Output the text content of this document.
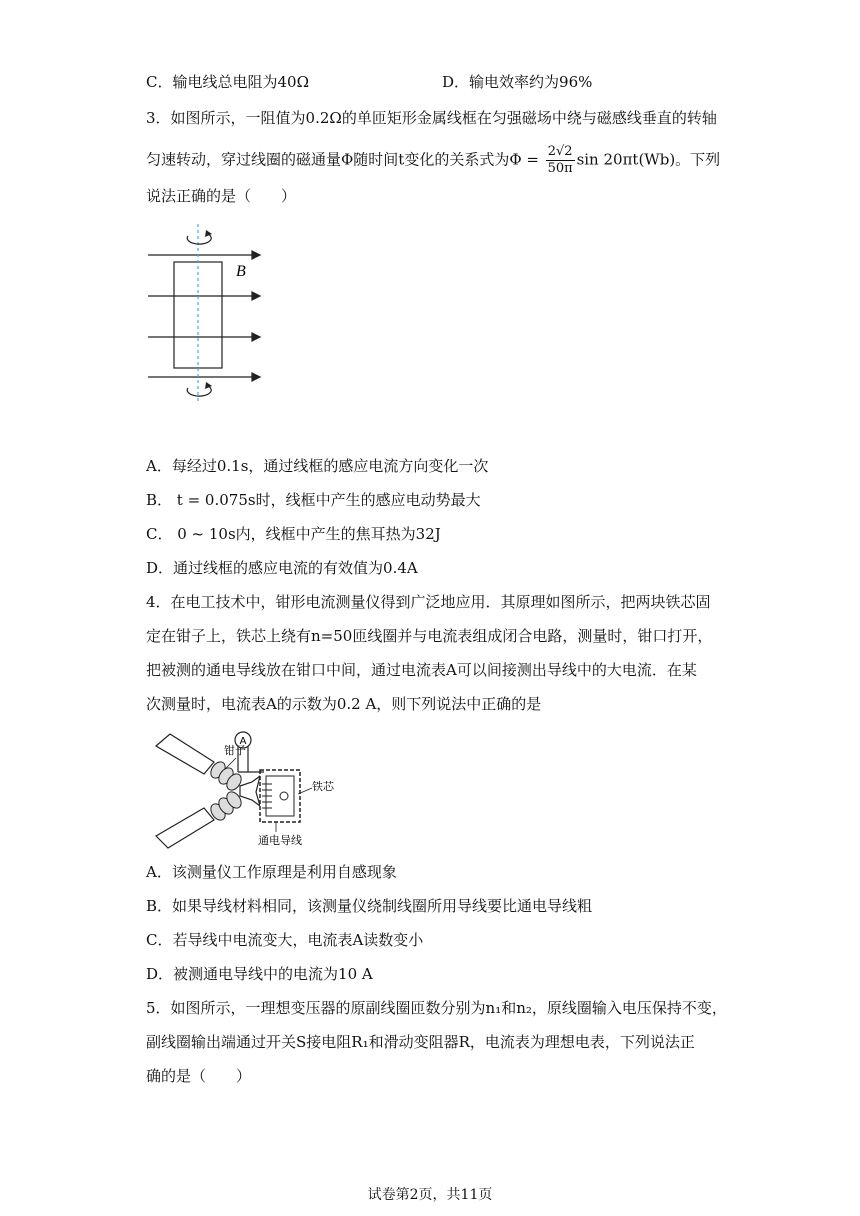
C．输电线总电阻为40Ω	D．输电效率约为96%
3．如图所示，一阻值为0.2Ω的单匝矩形金属线框在匀强磁场中绕与磁感线垂直的转轴
匀速转动，穿过线圈的磁通量Φ随时间t变化的关系式为$\Phi = \frac{2√2}{50\pi}$ sin 20πt(Wb)。下列
说法正确的是（　　）
B
A．每经过0.1s，通过线框的感应电流方向变化一次
B． t = 0.075s时，线框中产生的感应电动势最大
C． 0 ~ 10s内，线框中产生的焦耳热为32J
D．通过线框的感应电流的有效值为0.4A
4．在电工技术中，钳形电流测量仪得到广泛地应用．其原理如图所示，把两块铁芯固
定在钳子上，铁芯上绕有n=50匝线圈并与电流表组成闭合电路，测量时，钳口打开，
把被测的通电导线放在钳口中间，通过电流表A可以间接测出导线中的大电流．在某
次测量时，电流表A的示数为0.2 A，则下列说法中正确的是
A
钳子
铁芯
通电导线
A．该测量仪工作原理是利用自感现象
B．如果导线材料相同，该测量仪绕制线圈所用导线要比通电导线粗
C．若导线中电流变大，电流表A读数变小
D．被测通电导线中的电流为10 A
5．如图所示，一理想变压器的原副线圈匝数分别为n₁和n₂，原线圈输入电压保持不变，
副线圈输出端通过开关S接电阻R₁和滑动变阻器R，电流表为理想电表，下列说法正
确的是（　　）
试卷第2页，共11页
